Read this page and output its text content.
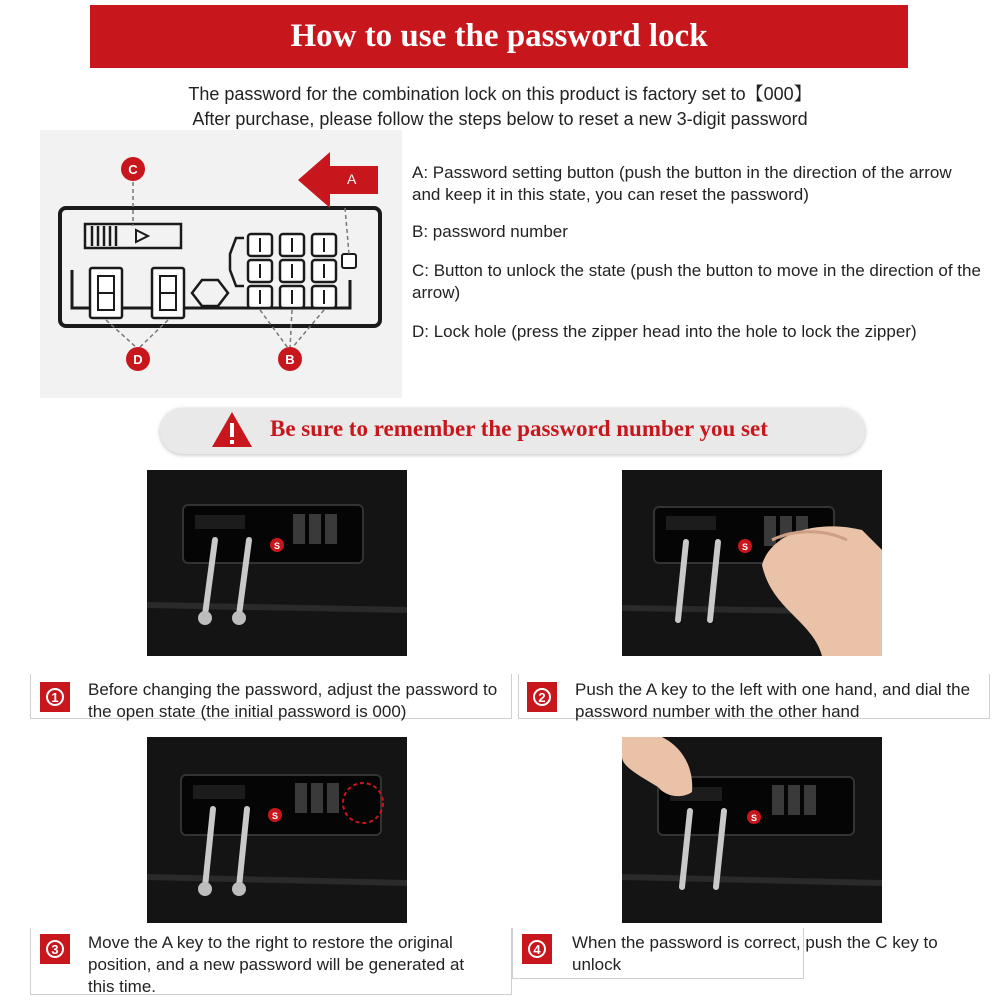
How to use the password lock
The password for the combination lock on this product is factory set to【000】
After purchase, please follow the steps below to reset a new 3-digit password
A
C
D	B
A: Password setting button (push the button in the direction of the arrow and keep it in this state, you can reset the password)
B: password number
C: Button to unlock the state (push the button to move in the direction of the arrow)
D: Lock hole (press the zipper head into the hole to lock the zipper)
Be sure to remember the password number you set
S	S
S	S
1	Before changing the password, adjust the password to the open state (the initial password is 000)
2	Push the A key to the left with one hand, and dial the password number with the other hand
3	Move the A key to the right to restore the original position, and a new password will be generated at this time.
4	When the password is correct, push the C key to unlock
